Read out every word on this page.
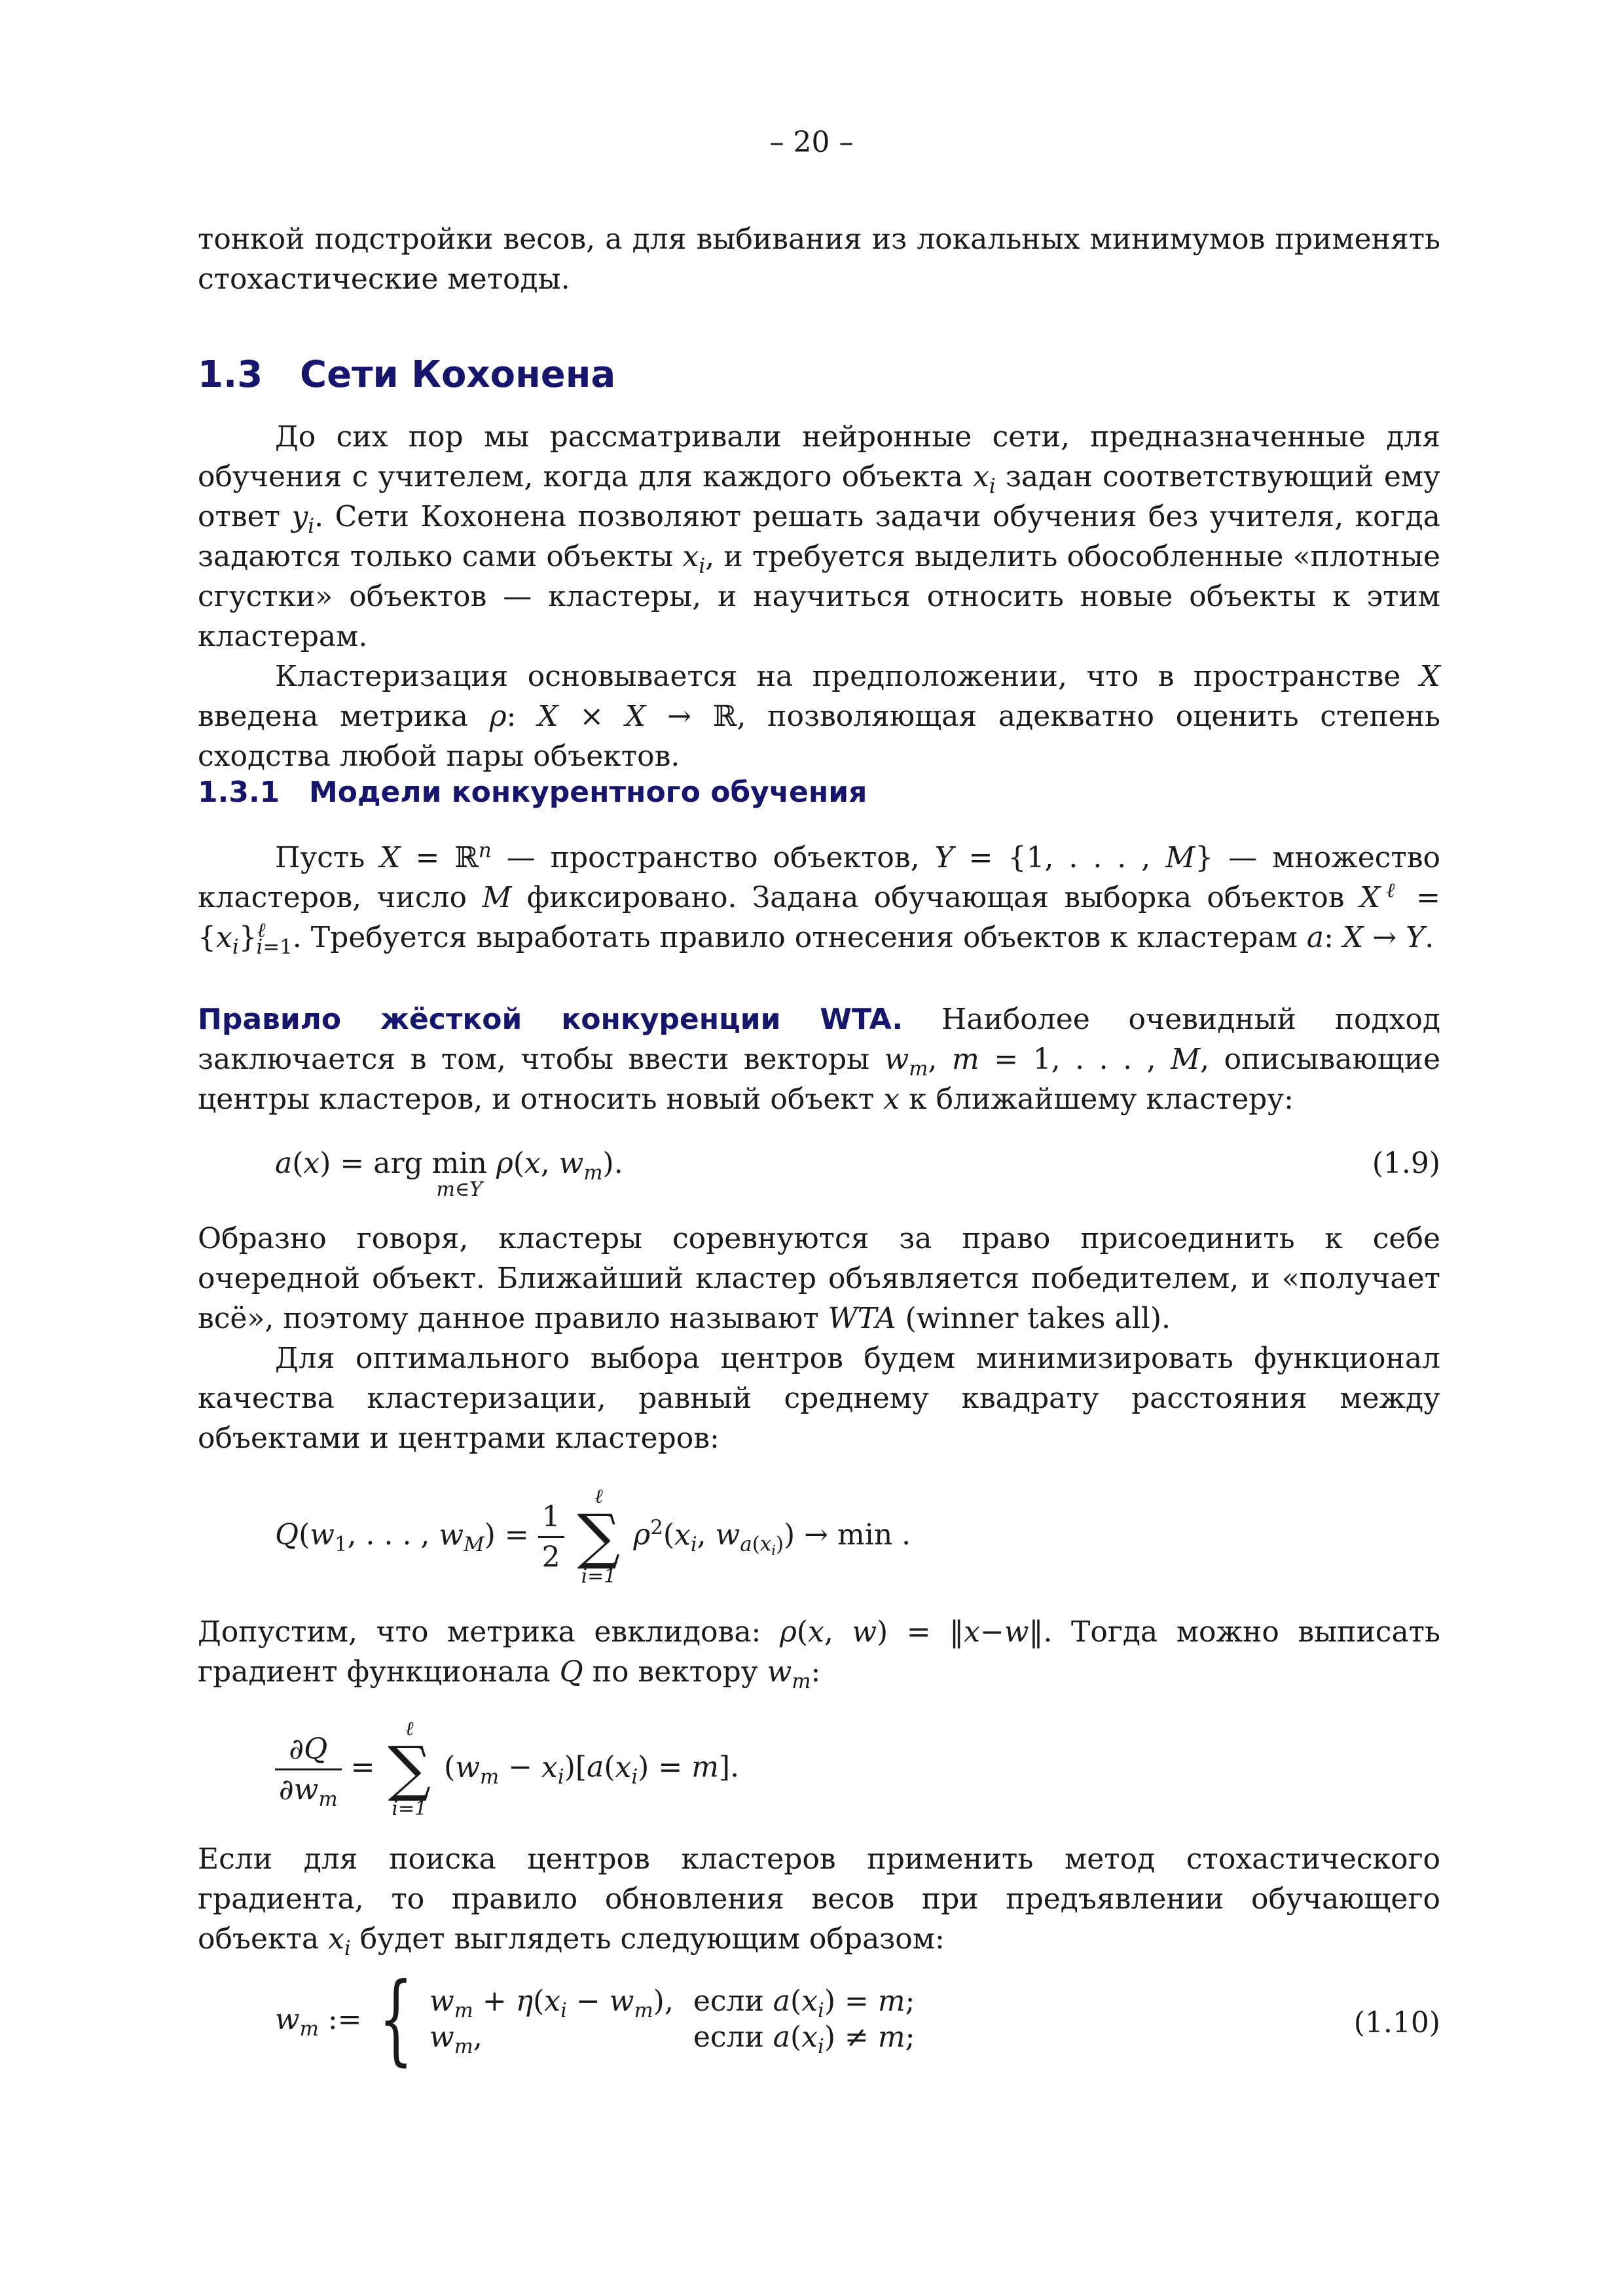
– 20 –

тонкой подстройки весов, а для выбивания из локальных минимумов применять стохастические методы.

1.3 Сети Кохонена

До сих пор мы рассматривали нейронные сети, предназначенные для обучения с учителем, когда для каждого объекта $x_i$ задан соответствующий ему ответ $y_i$. Сети Кохонена позволяют решать задачи обучения без учителя, когда задаются только сами объекты $x_i$, и требуется выделить обособленные «плотные сгустки» объектов — кластеры, и научиться относить новые объекты к этим кластерам.

Кластеризация основывается на предположении, что в пространстве X введена метрика ρ: X × X → ℝ, позволяющая адекватно оценить степень сходства любой пары объектов.

1.3.1 Модели конкурентного обучения

Пусть X = ℝ$^n$ — пространство объектов, Y = {1, . . . , M} — множество кластеров, число M фиксировано. Задана обучающая выборка объектов $X^\ell = \{x_i\}^\ell_{i=1}$. Требуется выработать правило отнесения объектов к кластерам a: X → Y.

Правило жёсткой конкуренции WTA. Наиболее очевидный подход заключается в том, чтобы ввести векторы $w_m$, m = 1, . . . , M, описывающие центры кластеров, и относить новый объект x к ближайшему кластеру:

a(x) = arg min
m∈Y
ρ(x, $w_m$).	(1.9)

Образно говоря, кластеры соревнуются за право присоединить к себе очередной объект. Ближайший кластер объявляется победителем, и «получает всё», поэтому данное правило называют WTA (winner takes all).

Для оптимального выбора центров будем минимизировать функционал качества кластеризации, равный среднему квадрату расстояния между объектами и центрами кластеров:

$Q(w_1$, . . . , $w_M) = \frac{1}{2}$

ℓ
∑
i=1
$\rho^2(x_i$, $w_{a(x_i)}) \to \min$ .

Допустим, что метрика евклидова: ρ(x, w) = ‖x−w‖. Тогда можно выписать градиент функционала Q по вектору $w_m$:

$\frac{\partial Q}{\partial w_m}$ =
ℓ
∑
i=1
$(w_m - x_i)[a(x_i) = m]$.

Если для поиска центров кластеров применить метод стохастического градиента, то правило обновления весов при предъявлении обучающего объекта $x_i$ будет выглядеть следующим образом:

$w_m$ := { $w_m + \eta(x_i - w_m)$,	если $a(x_i) = m$;
$w_m$,	если $a(x_i) \ne m$;	(1.10)
